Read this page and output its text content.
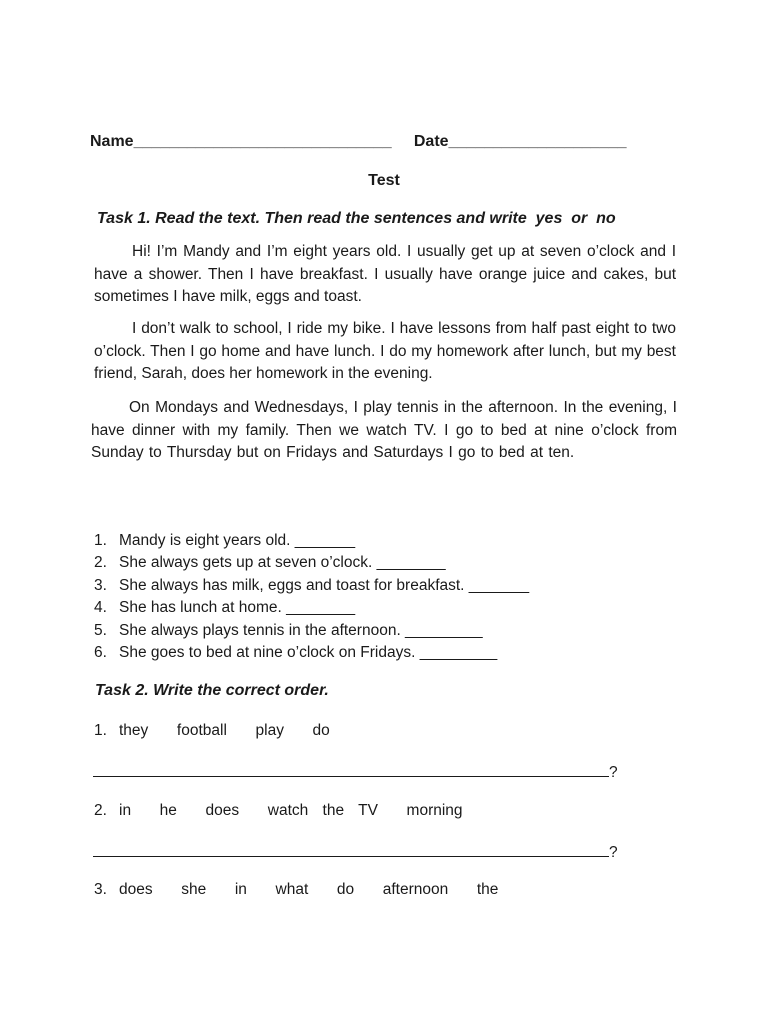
Name_____________________________     Date____________________
Test
Task 1. Read the text. Then read the sentences and write  yes  or  no
Hi! I’m Mandy and I’m eight years old. I usually get up at seven o’clock and I have a shower. Then I have breakfast. I usually have orange juice and cakes, but sometimes I have milk, eggs and toast.
I don’t walk to school, I ride my bike. I have lessons from half past eight to two o’clock. Then I go home and have lunch. I do my homework after lunch, but my best friend, Sarah, does her homework in the evening.
On Mondays and Wednesdays, I play tennis in the afternoon. In the evening, I have dinner with my family. Then we watch TV. I go to bed at nine o’clock from Sunday to Thursday but on Fridays and Saturdays I go to bed at ten.
1. Mandy is eight years old. _______
2. She always gets up at seven o’clock. ________
3. She always has milk, eggs and toast for breakfast. _______
4. She has lunch at home. ________
5. She always plays tennis in the afternoon. _________
6. She goes to bed at nine o’clock on Fridays. _________
Task 2. Write the correct order.
1. they  football  play  do
?
2. in  he  does  watch the TV  morning
?
3. does  she  in  what  do  afternoon  the
